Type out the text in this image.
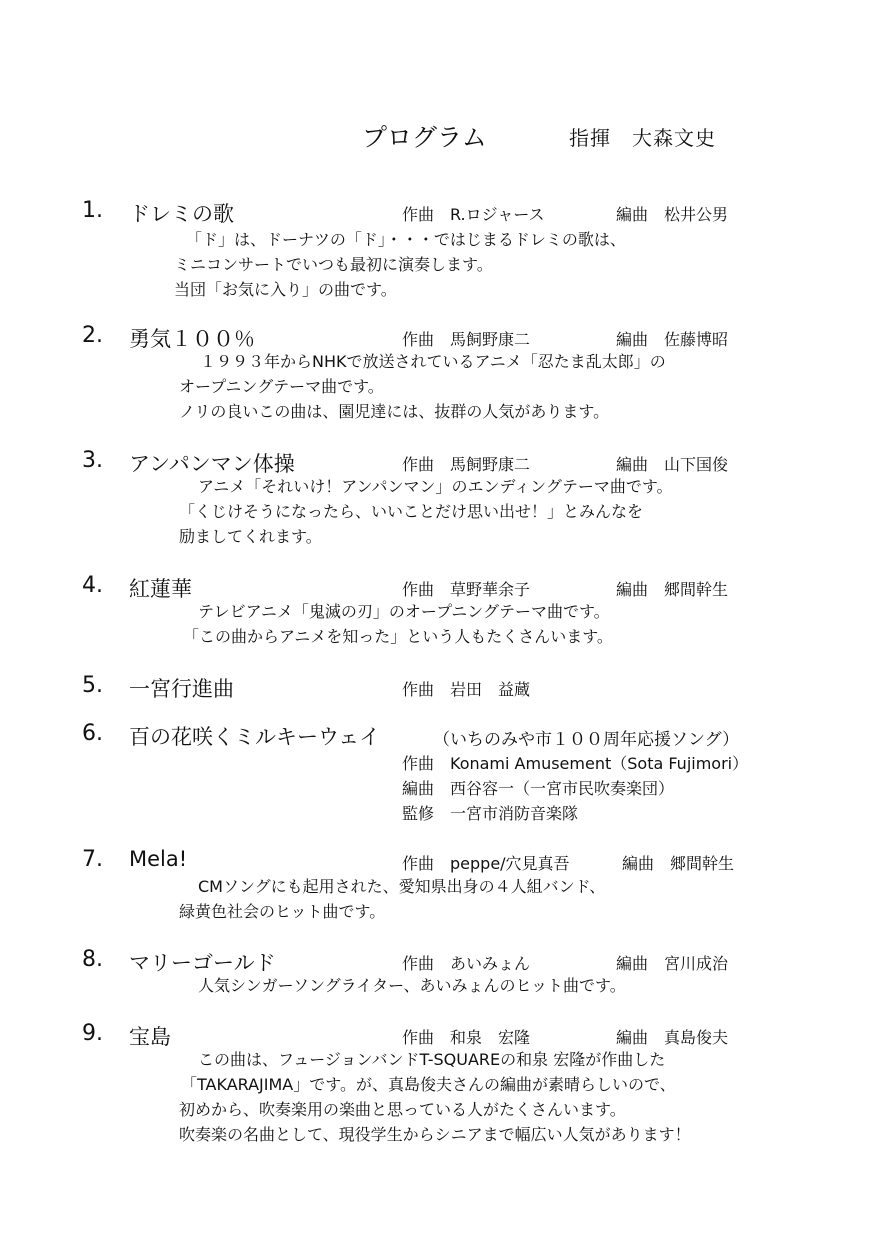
プログラム	指揮　大森文史
1. ドレミの歌	作曲　R.ロジャース	編曲　松井公男
「ド」は、ドーナツの「ド」・・・ではじまるドレミの歌は、
ミニコンサートでいつも最初に演奏します。
当団「お気に入り」の曲です。
2. 勇気１００％	作曲　馬飼野康二	編曲　佐藤博昭
１９９３年からNHKで放送されているアニメ「忍たま乱太郎」の
オープニングテーマ曲です。
ノリの良いこの曲は、園児達には、抜群の人気があります。
3. アンパンマン体操	作曲　馬飼野康二	編曲　山下国俊
アニメ「それいけ！アンパンマン」のエンディングテーマ曲です。
「くじけそうになったら、いいことだけ思い出せ！」とみんなを
励ましてくれます。
4. 紅蓮華	作曲　草野華余子	編曲　郷間幹生
テレビアニメ「鬼滅の刃」のオープニングテーマ曲です。
「この曲からアニメを知った」という人もたくさんいます。
5. 一宮行進曲	作曲　岩田　益蔵
6. 百の花咲くミルキーウェイ	（いちのみや市１００周年応援ソング）
作曲　Konami Amusement（Sota Fujimori）
編曲　西谷容一（一宮市民吹奏楽団）
監修　一宮市消防音楽隊
7. Mela!	作曲　peppe/穴見真吾	編曲　郷間幹生
CMソングにも起用された、愛知県出身の４人組バンド、
緑黄色社会のヒット曲です。
8. マリーゴールド	作曲　あいみょん	編曲　宮川成治
人気シンガーソングライター、あいみょんのヒット曲です。
9. 宝島	作曲　和泉　宏隆	編曲　真島俊夫
この曲は、フュージョンバンドT-SQUAREの和泉 宏隆が作曲した
「TAKARAJIMA」です。が、真島俊夫さんの編曲が素晴らしいので、
初めから、吹奏楽用の楽曲と思っている人がたくさんいます。
吹奏楽の名曲として、現役学生からシニアまで幅広い人気があります！
